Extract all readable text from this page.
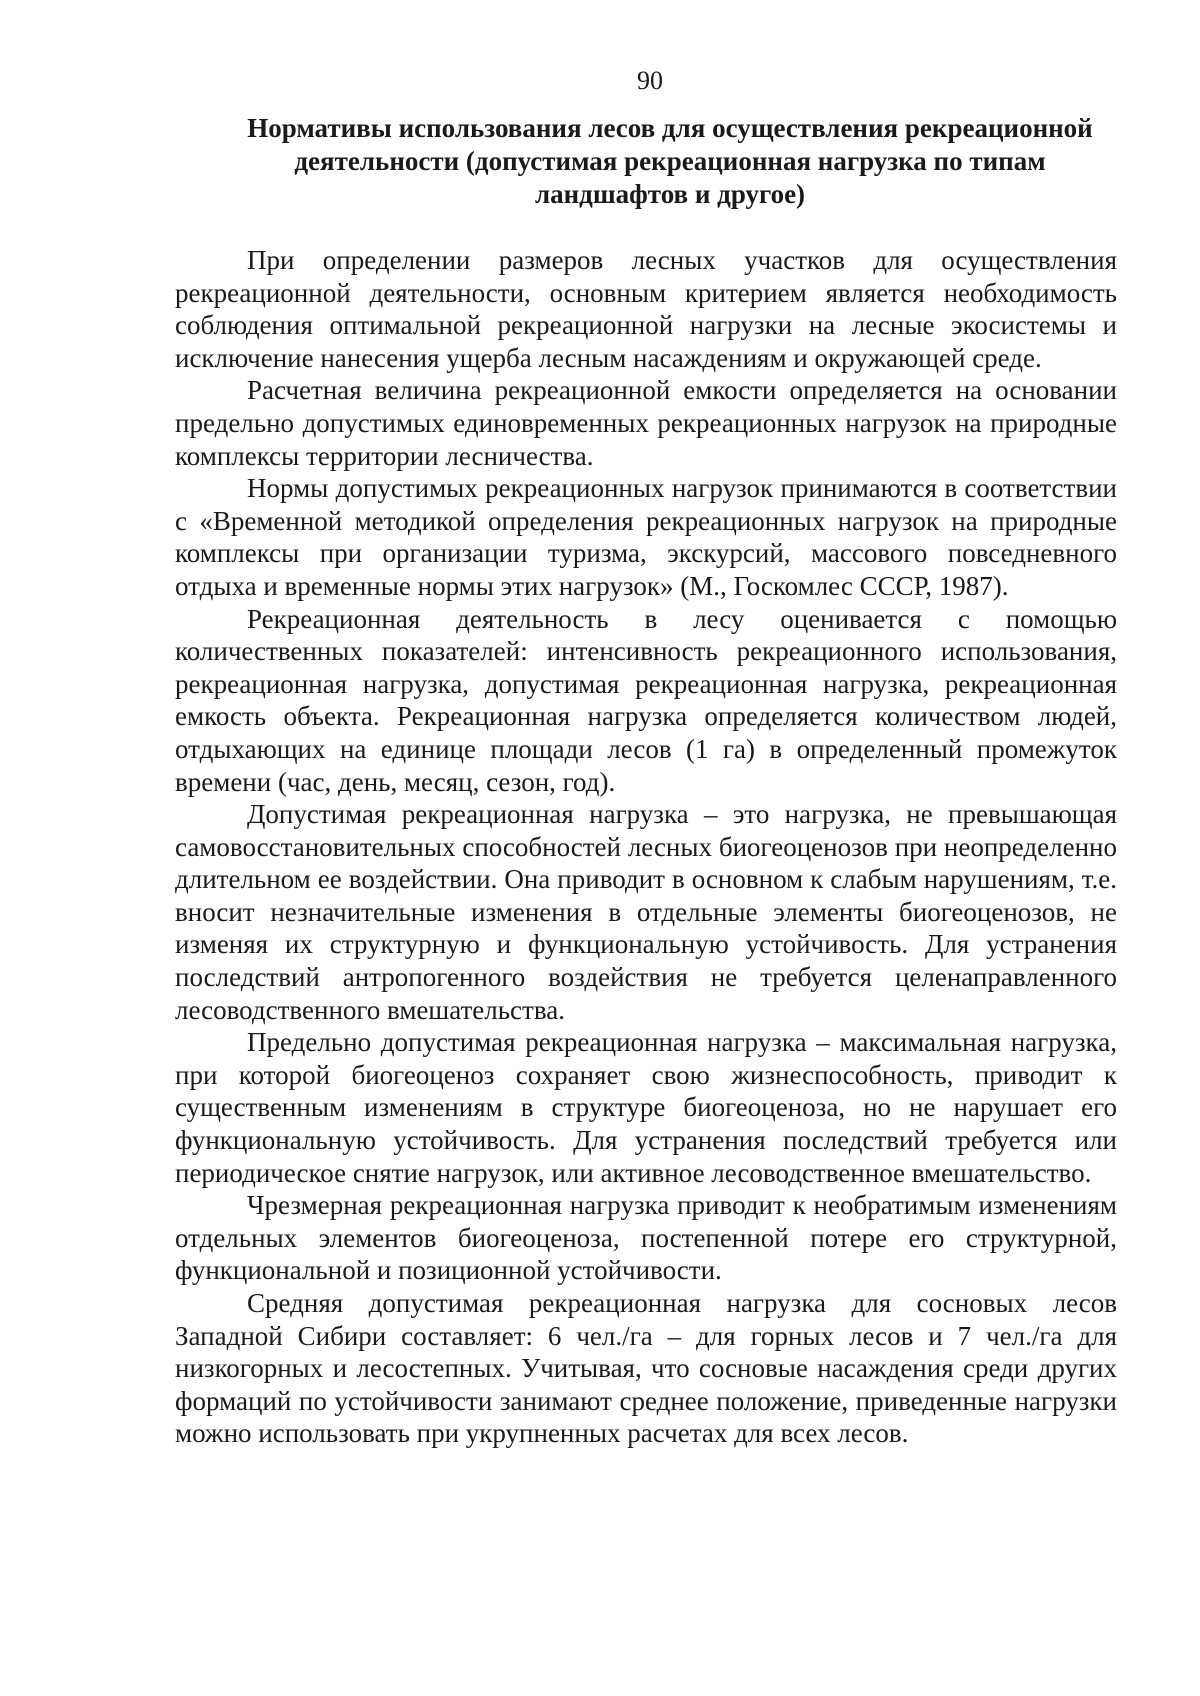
90
Нормативы использования лесов для осуществления рекреационной деятельности (допустимая рекреационная нагрузка по типам ландшафтов и другое)

При определении размеров лесных участков для осуществления рекреационной деятельности, основным критерием является необходимость соблюдения оптимальной рекреационной нагрузки на лесные экосистемы и исключение нанесения ущерба лесным насаждениям и окружающей среде.

Расчетная величина рекреационной емкости определяется на основании предельно допустимых единовременных рекреационных нагрузок на природные комплексы территории лесничества.

Нормы допустимых рекреационных нагрузок принимаются в соответствии с «Временной методикой определения рекреационных нагрузок на природные комплексы при организации туризма, экскурсий, массового повседневного отдыха и временные нормы этих нагрузок» (М., Госкомлес СССР, 1987).

Рекреационная деятельность в лесу оценивается с помощью количественных показателей: интенсивность рекреационного использования, рекреационная нагрузка, допустимая рекреационная нагрузка, рекреационная емкость объекта. Рекреационная нагрузка определяется количеством людей, отдыхающих на единице площади лесов (1 га) в определенный промежуток времени (час, день, месяц, сезон, год).

Допустимая рекреационная нагрузка – это нагрузка, не превышающая самовосстановительных способностей лесных биогеоценозов при неопределенно длительном ее воздействии. Она приводит в основном к слабым нарушениям, т.е. вносит незначительные изменения в отдельные элементы биогеоценозов, не изменяя их структурную и функциональную устойчивость. Для устранения последствий антропогенного воздействия не требуется целенаправленного лесоводственного вмешательства.

Предельно допустимая рекреационная нагрузка – максимальная нагрузка, при которой биогеоценоз сохраняет свою жизнеспособность, приводит к существенным изменениям в структуре биогеоценоза, но не нарушает его функциональную устойчивость. Для устранения последствий требуется или периодическое снятие нагрузок, или активное лесоводственное вмешательство.

Чрезмерная рекреационная нагрузка приводит к необратимым изменениям отдельных элементов биогеоценоза, постепенной потере его структурной, функциональной и позиционной устойчивости.

Средняя допустимая рекреационная нагрузка для сосновых лесов Западной Сибири составляет: 6 чел./га – для горных лесов и 7 чел./га для низкогорных и лесостепных. Учитывая, что сосновые насаждения среди других формаций по устойчивости занимают среднее положение, приведенные нагрузки можно использовать при укрупненных расчетах для всех лесов.
